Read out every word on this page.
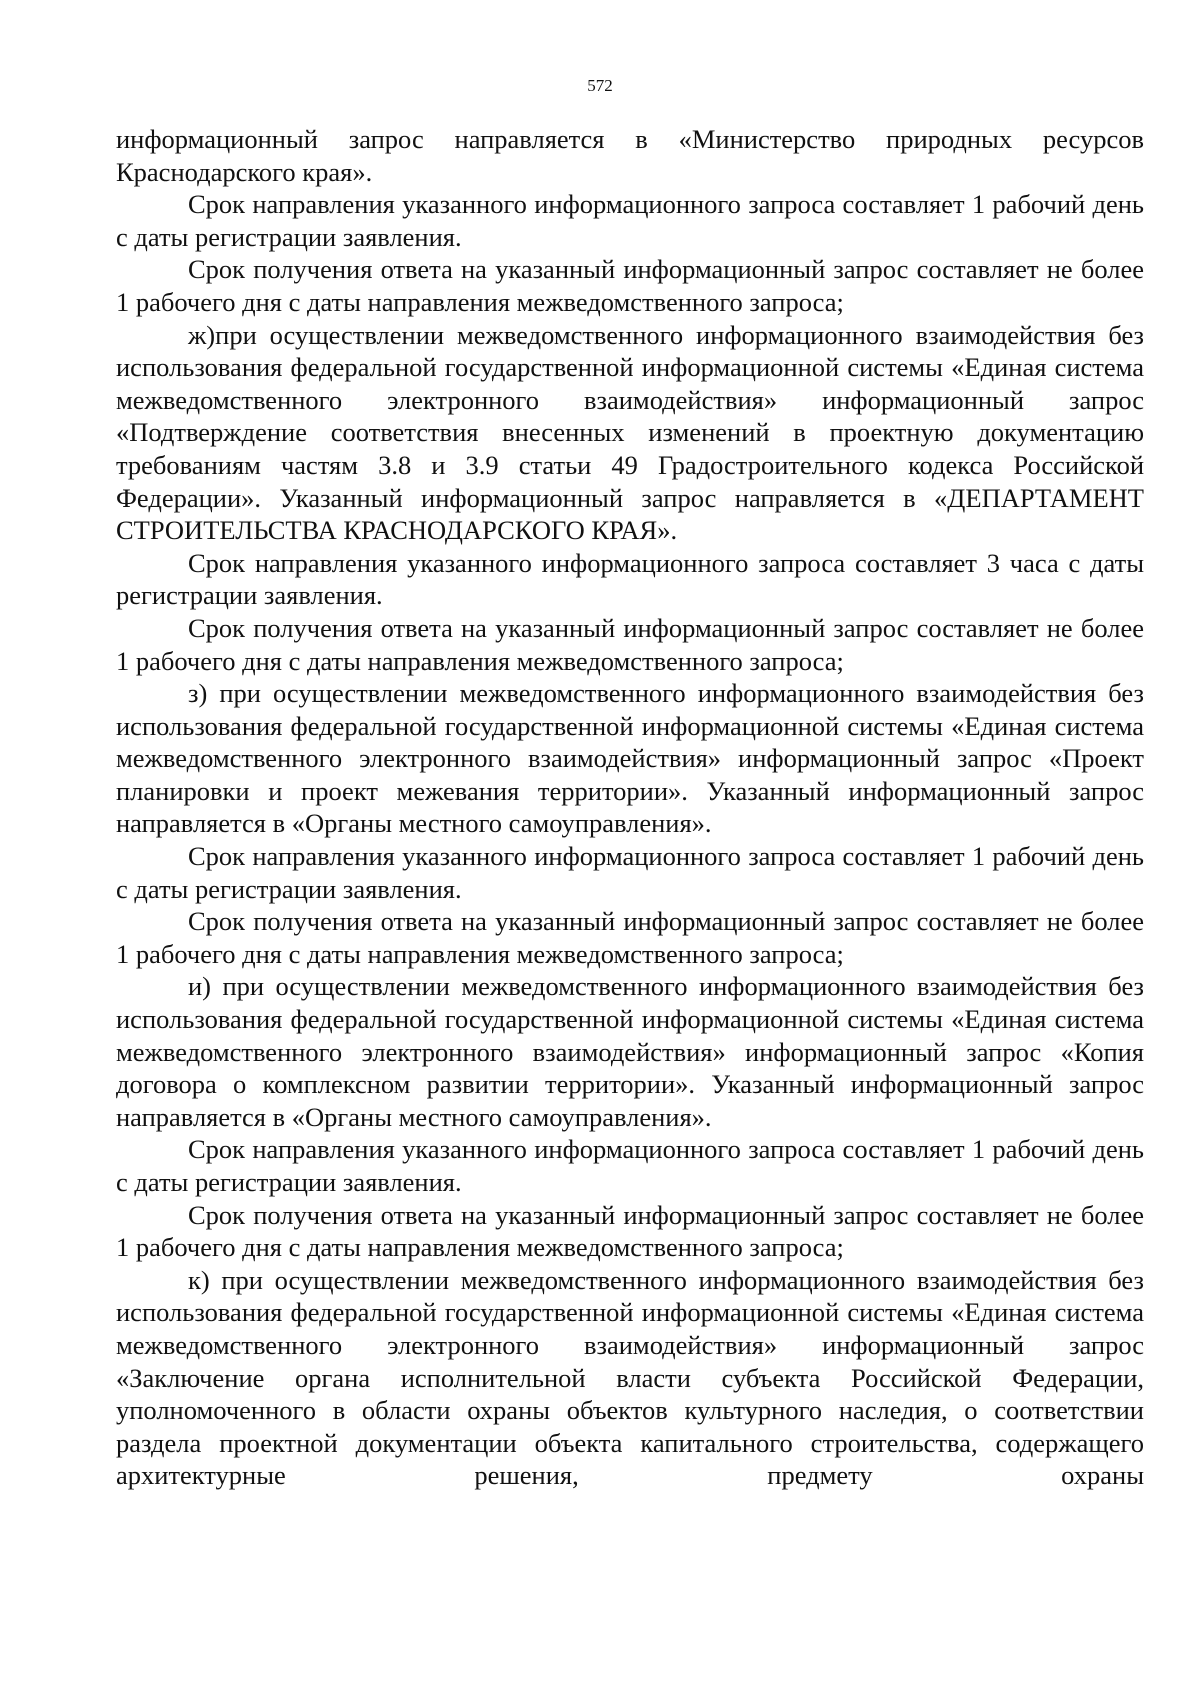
572

информационный запрос направляется в «Министерство природных ресурсов Краснодарского края».

Срок направления указанного информационного запроса составляет 1 рабочий день с даты регистрации заявления.

Срок получения ответа на указанный информационный запрос составляет не более 1 рабочего дня с даты направления межведомственного запроса;

ж)при осуществлении межведомственного информационного взаимодействия без использования федеральной государственной информационной системы «Единая система межведомственного электронного взаимодействия» информационный запрос «Подтверждение соответствия внесенных изменений в проектную документацию требованиям частям 3.8 и 3.9 статьи 49 Градостроительного кодекса Российской Федерации». Указанный информационный запрос направляется в «ДЕПАРТАМЕНТ СТРОИТЕЛЬСТВА КРАСНОДАРСКОГО КРАЯ».

Срок направления указанного информационного запроса составляет 3 часа с даты регистрации заявления.

Срок получения ответа на указанный информационный запрос составляет не более 1 рабочего дня с даты направления межведомственного запроса;

з) при осуществлении межведомственного информационного взаимодействия без использования федеральной государственной информационной системы «Единая система межведомственного электронного взаимодействия» информационный запрос «Проект планировки и проект межевания территории». Указанный информационный запрос направляется в «Органы местного самоуправления».

Срок направления указанного информационного запроса составляет 1 рабочий день с даты регистрации заявления.

Срок получения ответа на указанный информационный запрос составляет не более 1 рабочего дня с даты направления межведомственного запроса;

и) при осуществлении межведомственного информационного взаимодействия без использования федеральной государственной информационной системы «Единая система межведомственного электронного взаимодействия» информационный запрос «Копия договора о комплексном развитии территории». Указанный информационный запрос направляется в «Органы местного самоуправления».

Срок направления указанного информационного запроса составляет 1 рабочий день с даты регистрации заявления.

Срок получения ответа на указанный информационный запрос составляет не более 1 рабочего дня с даты направления межведомственного запроса;

к) при осуществлении межведомственного информационного взаимодействия без использования федеральной государственной информационной системы «Единая система межведомственного электронного взаимодействия» информационный запрос «Заключение органа исполнительной власти субъекта Российской Федерации, уполномоченного в области охраны объектов культурного наследия, о соответствии раздела проектной документации объекта капитального строительства, содержащего архитектурные решения, предмету охраны
